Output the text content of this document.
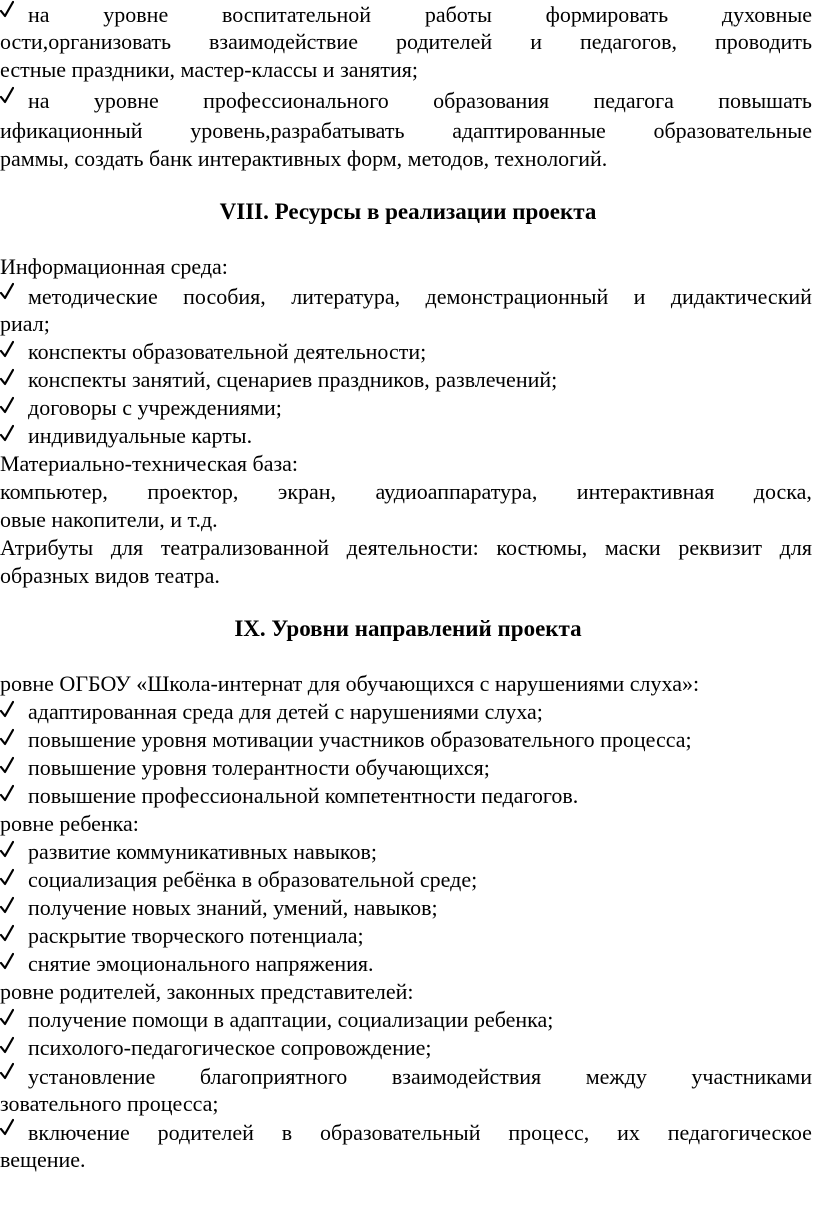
на уровне воспитательной работы формировать духовные
ости,организовать взаимодействие родителей и педагогов, проводить
естные праздники, мастер-классы и занятия;
на уровне профессионального образования педагога повышать
ификационный уровень,разрабатывать адаптированные образовательные
раммы, создать банк интерактивных форм, методов, технологий.
VIII. Ресурсы в реализации проекта
Информационная среда:
методические пособия, литература, демонстрационный и дидактический
риал;
конспекты образовательной деятельности;
конспекты занятий, сценариев праздников, развлечений;
договоры с учреждениями;
индивидуальные карты.
Материально-техническая база:
компьютер, проектор, экран, аудиоаппаратура, интерактивная доска,
овые накопители, и т.д.
Атрибуты для театрализованной деятельности: костюмы, маски реквизит для
образных видов театра.
IX. Уровни направлений проекта
ровне ОГБОУ «Школа-интернат для обучающихся с нарушениями слуха»:
адаптированная среда для детей с нарушениями слуха;
повышение уровня мотивации участников образовательного процесса;
повышение уровня толерантности обучающихся;
повышение профессиональной компетентности педагогов.
ровне ребенка:
развитие коммуникативных навыков;
социализация ребёнка в образовательной среде;
получение новых знаний, умений, навыков;
раскрытие творческого потенциала;
снятие эмоционального напряжения.
ровне родителей, законных представителей:
получение помощи в адаптации, социализации ребенка;
психолого-педагогическое сопровождение;
установление благоприятного взаимодействия между участниками
зовательного процесса;
включение родителей в образовательный процесс, их педагогическое
вещение.
